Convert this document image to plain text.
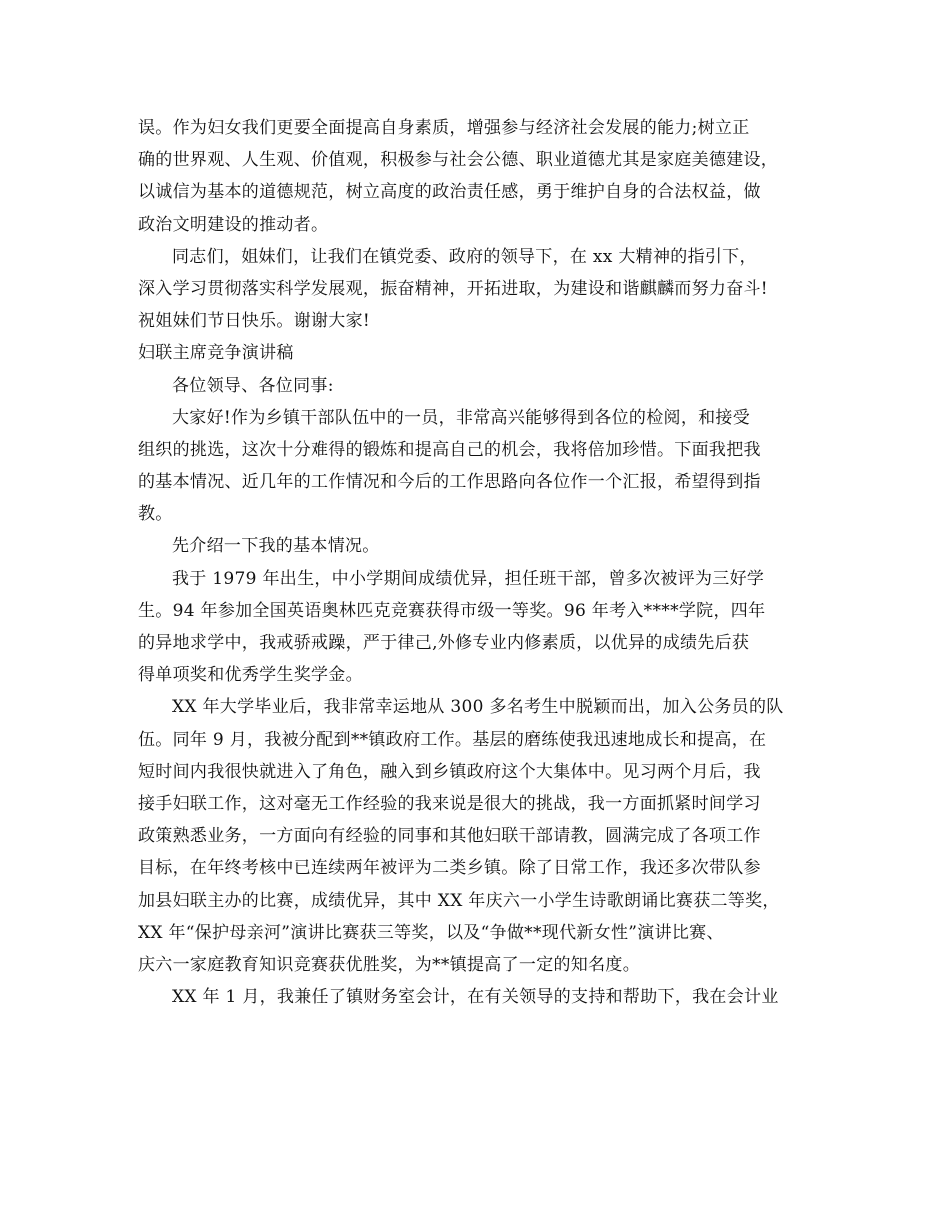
误。作为妇女我们更要全面提高自身素质，增强参与经济社会发展的能力;树立正

确的世界观、人生观、价值观，积极参与社会公德、职业道德尤其是家庭美德建设，

以诚信为基本的道德规范，树立高度的政治责任感，勇于维护自身的合法权益，做

政治文明建设的推动者。

同志们，姐妹们，让我们在镇党委、政府的领导下，在 xx 大精神的指引下，

深入学习贯彻落实科学发展观，振奋精神，开拓进取，为建设和谐麒麟而努力奋斗!

祝姐妹们节日快乐。谢谢大家!

妇联主席竞争演讲稿

各位领导、各位同事:

大家好!作为乡镇干部队伍中的一员，非常高兴能够得到各位的检阅，和接受

组织的挑选，这次十分难得的锻炼和提高自己的机会，我将倍加珍惜。下面我把我

的基本情况、近几年的工作情况和今后的工作思路向各位作一个汇报，希望得到指

教。

先介绍一下我的基本情况。

我于 1979 年出生，中小学期间成绩优异，担任班干部，曾多次被评为三好学

生。94 年参加全国英语奥林匹克竞赛获得市级一等奖。96 年考入****学院，四年

的异地求学中，我戒骄戒躁，严于律己,外修专业内修素质，以优异的成绩先后获

得单项奖和优秀学生奖学金。

XX 年大学毕业后，我非常幸运地从 300 多名考生中脱颖而出，加入公务员的队

伍。同年 9 月，我被分配到**镇政府工作。基层的磨练使我迅速地成长和提高，在

短时间内我很快就进入了角色，融入到乡镇政府这个大集体中。见习两个月后，我

接手妇联工作，这对毫无工作经验的我来说是很大的挑战，我一方面抓紧时间学习

政策熟悉业务，一方面向有经验的同事和其他妇联干部请教，圆满完成了各项工作

目标，在年终考核中已连续两年被评为二类乡镇。除了日常工作，我还多次带队参

加县妇联主办的比赛，成绩优异，其中 XX 年庆六一小学生诗歌朗诵比赛获二等奖，

XX 年“保护母亲河”演讲比赛获三等奖，以及“争做**现代新女性”演讲比赛、

庆六一家庭教育知识竞赛获优胜奖，为**镇提高了一定的知名度。

XX 年 1 月，我兼任了镇财务室会计，在有关领导的支持和帮助下，我在会计业
